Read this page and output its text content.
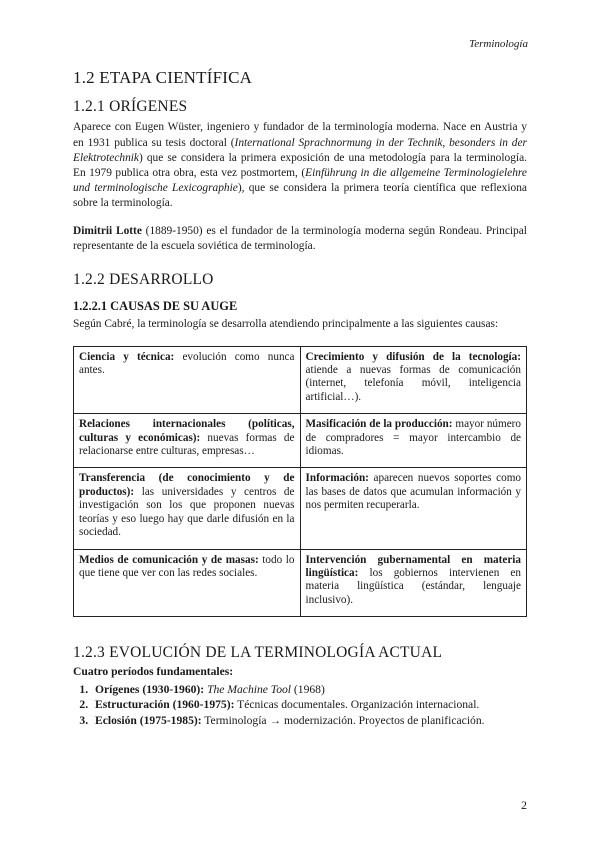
Terminología
1.2 ETAPA CIENTÍFICA
1.2.1 ORÍGENES

Aparece con Eugen Wüster, ingeniero y fundador de la terminología moderna. Nace en Austria y en 1931 publica su tesis doctoral (International Sprachnormung in der Technik, besonders in der Elektrotechnik) que se considera la primera exposición de una metodología para la terminología. En 1979 publica otra obra, esta vez postmortem, (Einführung in die allgemeine Terminologielehre und terminologische Lexicographie), que se considera la primera teoría científica que reflexiona sobre la terminología.

Dimitrii Lotte (1889-1950) es el fundador de la terminología moderna según Rondeau. Principal representante de la escuela soviética de terminología.

1.2.2 DESARROLLO
1.2.2.1 CAUSAS DE SU AUGE

Según Cabré, la terminología se desarrolla atendiendo principalmente a las siguientes causas:

Ciencia y técnica: evolución como nunca antes.	Crecimiento y difusión de la tecnología: atiende a nuevas formas de comunicación (internet, telefonía móvil, inteligencia artificial…).
Relaciones internacionales (políticas, culturas y económicas): nuevas formas de relacionarse entre culturas, empresas…	Masificación de la producción: mayor número de compradores = mayor intercambio de idiomas.
Transferencia (de conocimiento y de productos): las universidades y centros de investigación son los que proponen nuevas teorías y eso luego hay que darle difusión en la sociedad.	Información: aparecen nuevos soportes como las bases de datos que acumulan información y nos permiten recuperarla.
Medios de comunicación y de masas: todo lo que tiene que ver con las redes sociales.	Intervención gubernamental en materia lingüística: los gobiernos intervienen en materia lingüística (estándar, lenguaje inclusivo).
1.2.3 EVOLUCIÓN DE LA TERMINOLOGÍA ACTUAL
Cuatro períodos fundamentales:
1. Orígenes (1930-1960): The Machine Tool (1968)
2. Estructuración (1960-1975): Técnicas documentales. Organización internacional.
3. Eclosión (1975-1985): Terminología → modernización. Proyectos de planificación.
2
